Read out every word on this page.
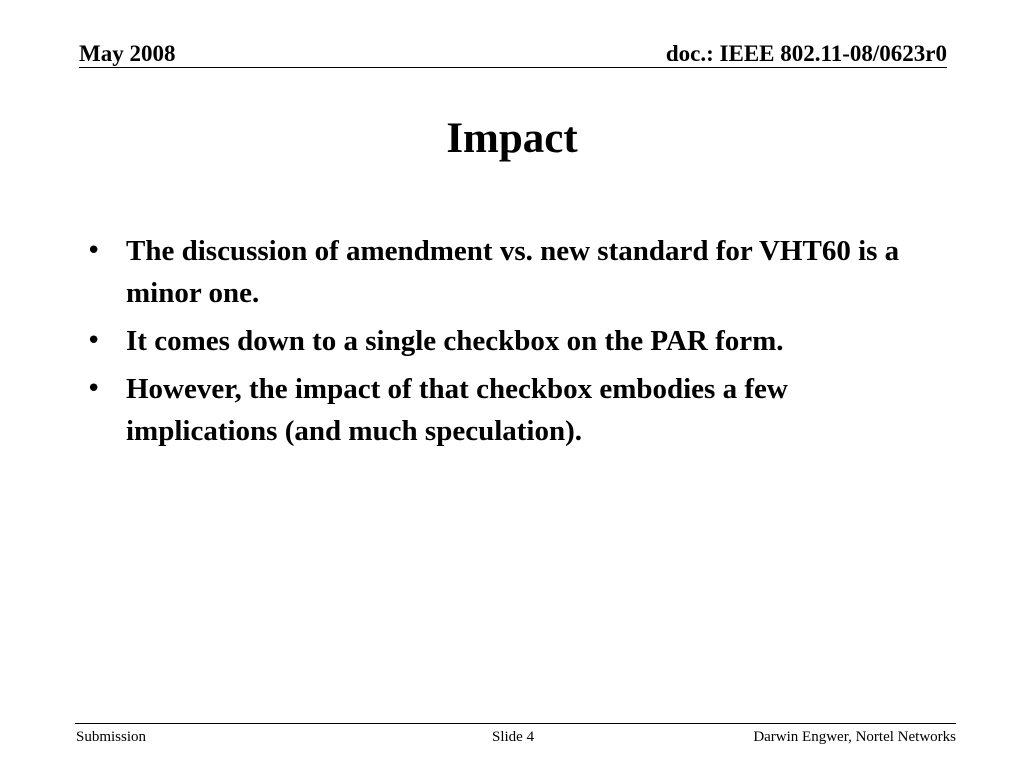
May 2008	doc.: IEEE 802.11-08/0623r0
Impact
• The discussion of amendment vs. new standard for VHT60 is a minor one.
• It comes down to a single checkbox on the PAR form.
• However, the impact of that checkbox embodies a few implications (and much speculation).
Submission	Slide 4	Darwin Engwer, Nortel Networks
